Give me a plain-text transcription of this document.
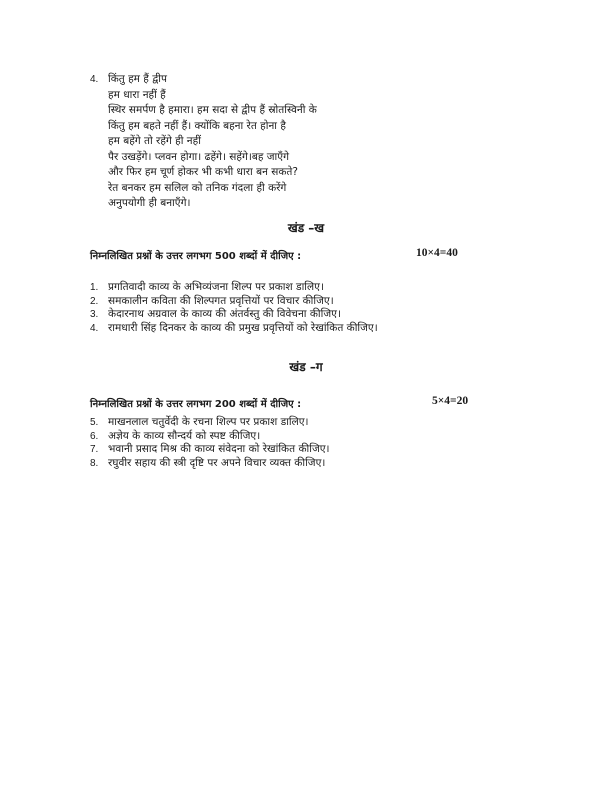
4. किंतु हम हैं द्वीप
हम धारा नहीं हैं
स्थिर समर्पण है हमारा। हम सदा से द्वीप हैं स्रोतस्विनी के
किंतु हम बहते नहीं हैं। क्योंकि बहना रेत होना है
हम बहेंगे तो रहेंगे ही नहीं
पैर उखड़ेंगे। प्लवन होगा। ढहेंगे। सहेंगे।बह जाएँगे
और फिर हम चूर्ण होकर भी कभी धारा बन सकते?
रेत बनकर हम सलिल को तनिक गंदला ही करेंगे
अनुपयोगी ही बनाएँगे।
खंड –ख
निम्नलिखित प्रश्नों के उत्तर लगभग 500 शब्दों में दीजिए :	10×4=40
1. प्रगतिवादी काव्य के अभिव्यंजना शिल्प पर प्रकाश डालिए।
2. समकालीन कविता की शिल्पगत प्रवृत्तियों पर विचार कीजिए।
3. केदारनाथ अग्रवाल के काव्य की अंतर्वस्तु की विवेचना कीजिए।
4. रामधारी सिंह दिनकर के काव्य की प्रमुख प्रवृत्तियों को रेखांकित कीजिए।
खंड –ग
निम्नलिखित प्रश्नों के उत्तर लगभग 200 शब्दों में दीजिए :	5×4=20
5. माखनलाल चतुर्वेदी के रचना शिल्प पर प्रकाश डालिए।
6. अज्ञेय के काव्य सौन्दर्य को स्पष्ट कीजिए।
7. भवानी प्रसाद मिश्र की काव्य संवेदना को रेखांकित कीजिए।
8. रघुवीर सहाय की स्त्री दृष्टि पर अपने विचार व्यक्त कीजिए।
